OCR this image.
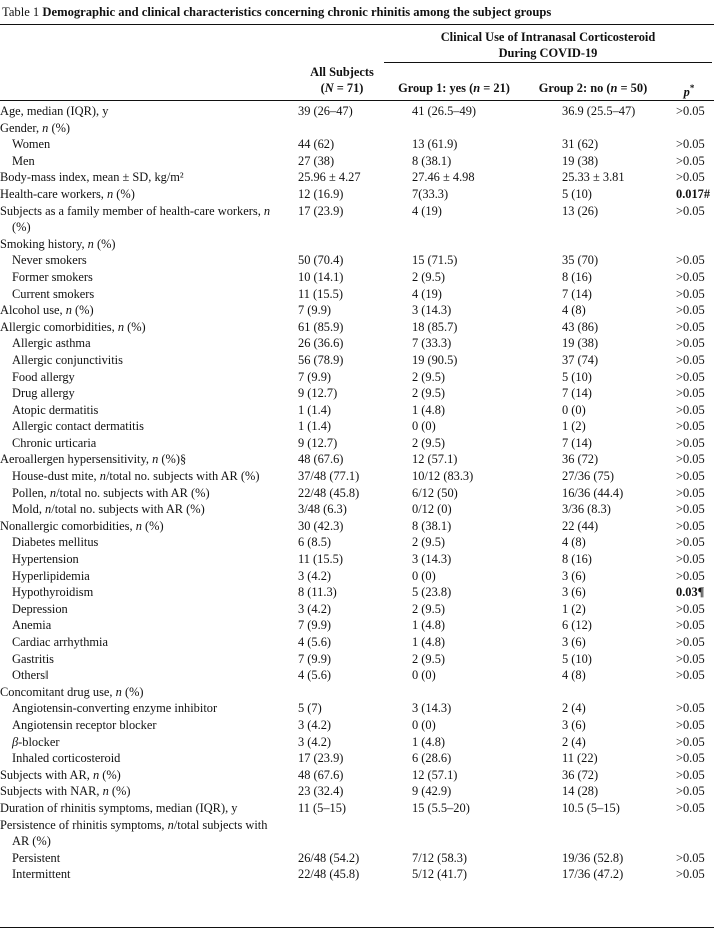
Table 1 Demographic and clinical characteristics concerning chronic rhinitis among the subject groups
Clinical Use of Intranasal Corticosteroid
During COVID-19
All Subjects
(N = 71)	Group 1: yes (n = 21)	Group 2: no (n = 50)	p*
Age, median (IQR), y	39 (26–47)	41 (26.5–49)	36.9 (25.5–47)	>0.05

Gender, n (%)				

Women	44 (62)	13 (61.9)	31 (62)	>0.05

Men	27 (38)	8 (38.1)	19 (38)	>0.05

Body-mass index, mean ± SD, kg/m²	25.96 ± 4.27	27.46 ± 4.98	25.33 ± 3.81	>0.05

Health-care workers, n (%)	12 (16.9)	7(33.3)	5 (10)	0.017#

Subjects as a family member of health-care workers, n (%)	17 (23.9)	4 (19)	13 (26)	>0.05

Smoking history, n (%)				

Never smokers	50 (70.4)	15 (71.5)	35 (70)	>0.05

Former smokers	10 (14.1)	2 (9.5)	8 (16)	>0.05

Current smokers	11 (15.5)	4 (19)	7 (14)	>0.05

Alcohol use, n (%)	7 (9.9)	3 (14.3)	4 (8)	>0.05

Allergic comorbidities, n (%)	61 (85.9)	18 (85.7)	43 (86)	>0.05

Allergic asthma	26 (36.6)	7 (33.3)	19 (38)	>0.05

Allergic conjunctivitis	56 (78.9)	19 (90.5)	37 (74)	>0.05

Food allergy	7 (9.9)	2 (9.5)	5 (10)	>0.05

Drug allergy	9 (12.7)	2 (9.5)	7 (14)	>0.05

Atopic dermatitis	1 (1.4)	1 (4.8)	0 (0)	>0.05

Allergic contact dermatitis	1 (1.4)	0 (0)	1 (2)	>0.05

Chronic urticaria	9 (12.7)	2 (9.5)	7 (14)	>0.05

Aeroallergen hypersensitivity, n (%)§	48 (67.6)	12 (57.1)	36 (72)	>0.05

House-dust mite, n/total no. subjects with AR (%)	37/48 (77.1)	10/12 (83.3)	27/36 (75)	>0.05

Pollen, n/total no. subjects with AR (%)	22/48 (45.8)	6/12 (50)	16/36 (44.4)	>0.05

Mold, n/total no. subjects with AR (%)	3/48 (6.3)	0/12 (0)	3/36 (8.3)	>0.05

Nonallergic comorbidities, n (%)	30 (42.3)	8 (38.1)	22 (44)	>0.05

Diabetes mellitus	6 (8.5)	2 (9.5)	4 (8)	>0.05

Hypertension	11 (15.5)	3 (14.3)	8 (16)	>0.05

Hyperlipidemia	3 (4.2)	0 (0)	3 (6)	>0.05

Hypothyroidism	8 (11.3)	5 (23.8)	3 (6)	0.03¶

Depression	3 (4.2)	2 (9.5)	1 (2)	>0.05

Anemia	7 (9.9)	1 (4.8)	6 (12)	>0.05

Cardiac arrhythmia	4 (5.6)	1 (4.8)	3 (6)	>0.05

Gastritis	7 (9.9)	2 (9.5)	5 (10)	>0.05

Others‖	4 (5.6)	0 (0)	4 (8)	>0.05

Concomitant drug use, n (%)				

Angiotensin-converting enzyme inhibitor	5 (7)	3 (14.3)	2 (4)	>0.05

Angiotensin receptor blocker	3 (4.2)	0 (0)	3 (6)	>0.05

β-blocker	3 (4.2)	1 (4.8)	2 (4)	>0.05

Inhaled corticosteroid	17 (23.9)	6 (28.6)	11 (22)	>0.05

Subjects with AR, n (%)	48 (67.6)	12 (57.1)	36 (72)	>0.05

Subjects with NAR, n (%)	23 (32.4)	9 (42.9)	14 (28)	>0.05

Duration of rhinitis symptoms, median (IQR), y	11 (5–15)	15 (5.5–20)	10.5 (5–15)	>0.05

Persistence of rhinitis symptoms, n/total subjects with AR (%)				

Persistent	26/48 (54.2)	7/12 (58.3)	19/36 (52.8)	>0.05

Intermittent	22/48 (45.8)	5/12 (41.7)	17/36 (47.2)	>0.05
